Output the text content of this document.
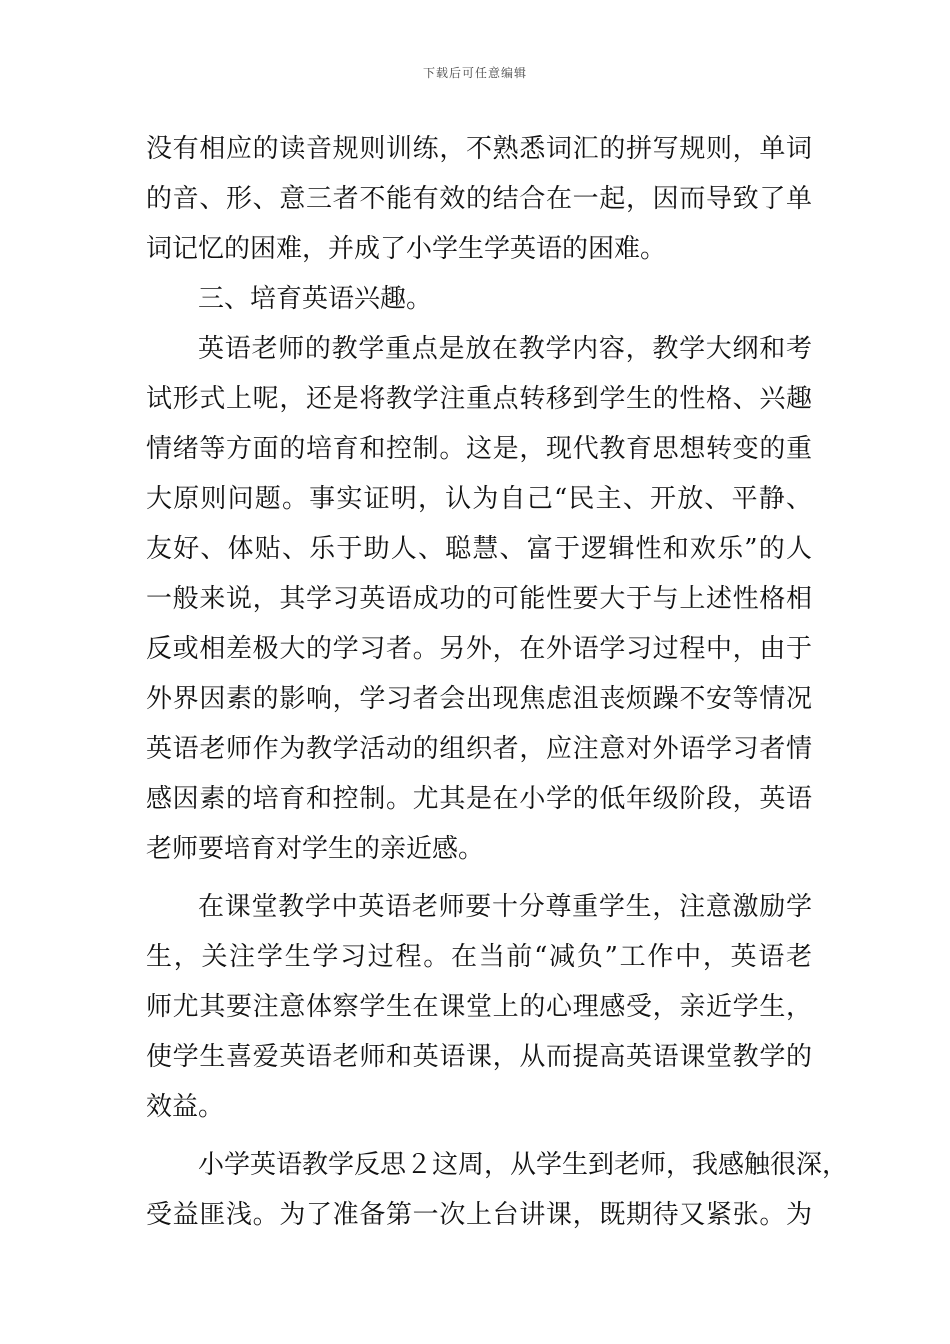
下载后可任意编辑
没有相应的读音规则训练，不熟悉词汇的拼写规则，单词
的音、形、意三者不能有效的结合在一起，因而导致了单
词记忆的困难，并成了小学生学英语的困难。
三、培育英语兴趣。
英语老师的教学重点是放在教学内容，教学大纲和考
试形式上呢，还是将教学注重点转移到学生的性格、兴趣
情绪等方面的培育和控制。这是，现代教育思想转变的重
大原则问题。事实证明，认为自己“民主、开放、平静、
友好、体贴、乐于助人、聪慧、富于逻辑性和欢乐”的人
一般来说，其学习英语成功的可能性要大于与上述性格相
反或相差极大的学习者。另外，在外语学习过程中，由于
外界因素的影响，学习者会出现焦虑沮丧烦躁不安等情况
英语老师作为教学活动的组织者，应注意对外语学习者情
感因素的培育和控制。尤其是在小学的低年级阶段，英语
老师要培育对学生的亲近感。
在课堂教学中英语老师要十分尊重学生，注意激励学
生，关注学生学习过程。在当前“减负”工作中，英语老
师尤其要注意体察学生在课堂上的心理感受，亲近学生，
使学生喜爱英语老师和英语课，从而提高英语课堂教学的
效益。
小学英语教学反思２这周，从学生到老师，我感触很深，
受益匪浅。为了准备第一次上台讲课，既期待又紧张。为
